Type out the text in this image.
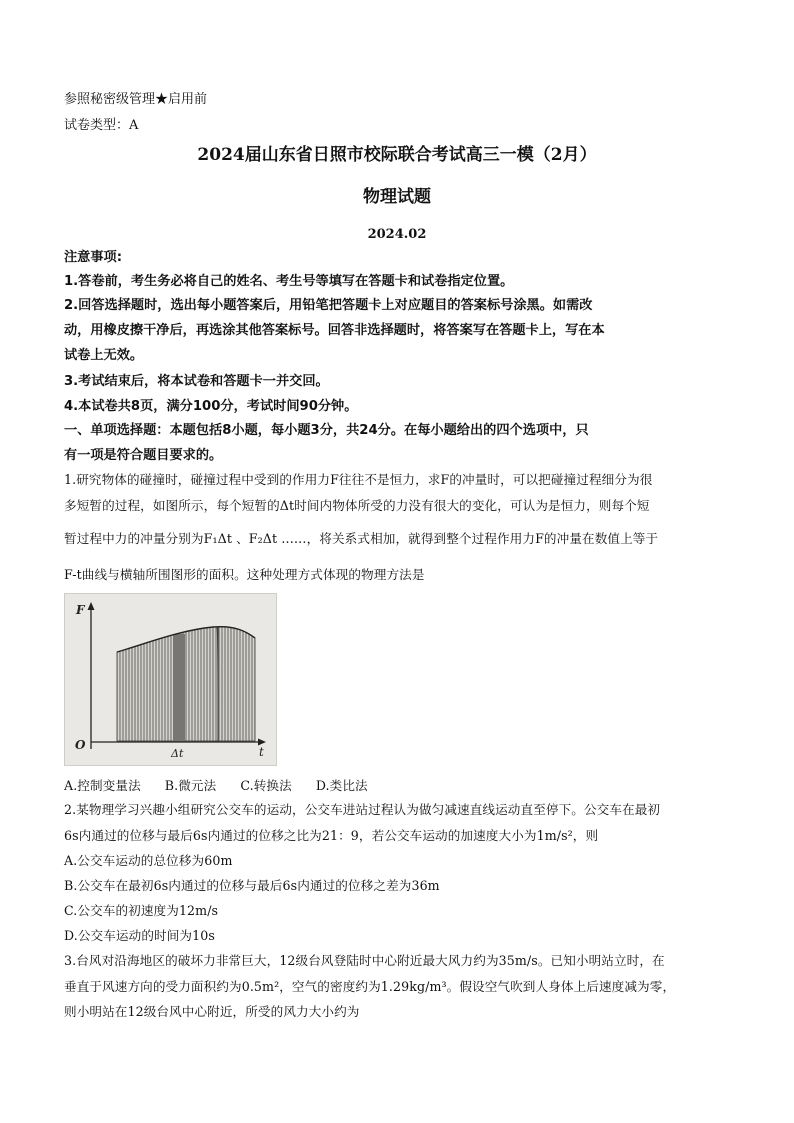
参照秘密级管理★启用前
试卷类型：A
2024届山东省日照市校际联合考试高三一模（2月）
物理试题
2024.02
注意事项:
1.答卷前，考生务必将自己的姓名、考生号等填写在答题卡和试卷指定位置。
2.回答选择题时，选出每小题答案后，用铅笔把答题卡上对应题目的答案标号涂黑。如需改
动，用橡皮擦干净后，再选涂其他答案标号。回答非选择题时，将答案写在答题卡上，写在本
试卷上无效。
3.考试结束后，将本试卷和答题卡一并交回。
4.本试卷共8页，满分100分，考试时间90分钟。
一、单项选择题：本题包括8小题，每小题3分，共24分。在每小题给出的四个选项中，只
有一项是符合题目要求的。
1.研究物体的碰撞时，碰撞过程中受到的作用力F往往不是恒力，求F的冲量时，可以把碰撞过程细分为很
多短暂的过程，如图所示，每个短暂的Δt时间内物体所受的力没有很大的变化，可认为是恒力，则每个短
暂过程中力的冲量分别为F₁Δt 、F₂Δt ……，将关系式相加，就得到整个过程作用力F的冲量在数值上等于
F-t曲线与横轴所围图形的面积。这种处理方式体现的物理方法是
F
t
O
Δt
A.控制变量法 B.微元法 C.转换法 D.类比法
2.某物理学习兴趣小组研究公交车的运动，公交车进站过程认为做匀减速直线运动直至停下。公交车在最初
6s内通过的位移与最后6s内通过的位移之比为21：9，若公交车运动的加速度大小为1m/s²，则
A.公交车运动的总位移为60m
B.公交车在最初6s内通过的位移与最后6s内通过的位移之差为36m
C.公交车的初速度为12m/s
D.公交车运动的时间为10s
3.台风对沿海地区的破坏力非常巨大，12级台风登陆时中心附近最大风力约为35m/s。已知小明站立时，在
垂直于风速方向的受力面积约为0.5m²，空气的密度约为1.29kg/m³。假设空气吹到人身体上后速度减为零，
则小明站在12级台风中心附近，所受的风力大小约为
